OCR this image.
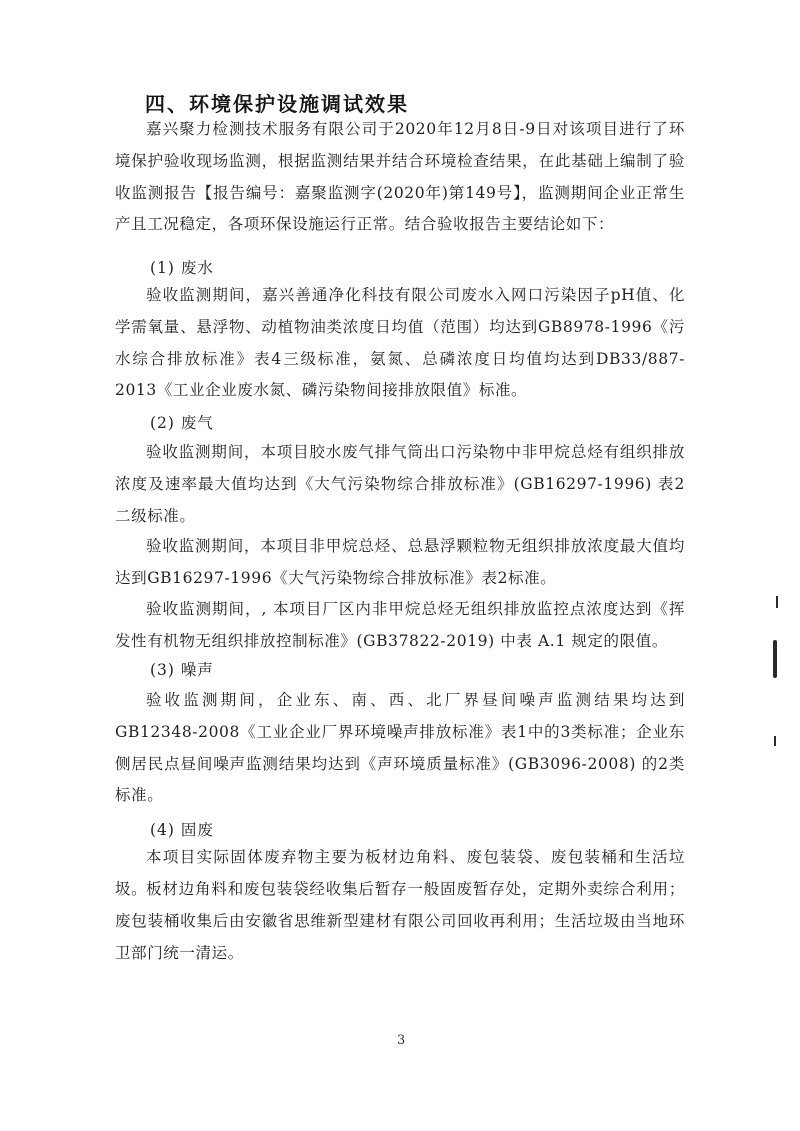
四、环境保护设施调试效果
嘉兴聚力检测技术服务有限公司于2020年12月8日-9日对该项目进行了环境保护验收现场监测，根据监测结果并结合环境检查结果，在此基础上编制了验收监测报告【报告编号：嘉聚监测字(2020年)第149号】，监测期间企业正常生产且工况稳定，各项环保设施运行正常。结合验收报告主要结论如下：
(1) 废水
验收监测期间，嘉兴善通净化科技有限公司废水入网口污染因子pH值、化学需氧量、悬浮物、动植物油类浓度日均值（范围）均达到GB8978-1996《污水综合排放标准》表4三级标准，氨氮、总磷浓度日均值均达到DB33/887-2013《工业企业废水氮、磷污染物间接排放限值》标准。
(2) 废气
验收监测期间，本项目胶水废气排气筒出口污染物中非甲烷总烃有组织排放浓度及速率最大值均达到《大气污染物综合排放标准》(GB16297-1996) 表2二级标准。
验收监测期间，本项目非甲烷总烃、总悬浮颗粒物无组织排放浓度最大值均达到GB16297-1996《大气污染物综合排放标准》表2标准。
验收监测期间，, 本项目厂区内非甲烷总烃无组织排放监控点浓度达到《挥发性有机物无组织排放控制标准》(GB37822-2019) 中表 A.1 规定的限值。
(3) 噪声
验收监测期间，企业东、南、西、北厂界昼间噪声监测结果均达到GB12348-2008《工业企业厂界环境噪声排放标准》表1中的3类标准；企业东侧居民点昼间噪声监测结果均达到《声环境质量标准》(GB3096-2008) 的2类标准。
(4) 固废
本项目实际固体废弃物主要为板材边角料、废包装袋、废包装桶和生活垃圾。
板材边角料和废包装袋经收集后暂存一般固废暂存处，定期外卖综合利用；废包装桶收集后由安徽省思维新型建材有限公司回收再利用；生活垃圾由当地环卫部门统一清运。
3
